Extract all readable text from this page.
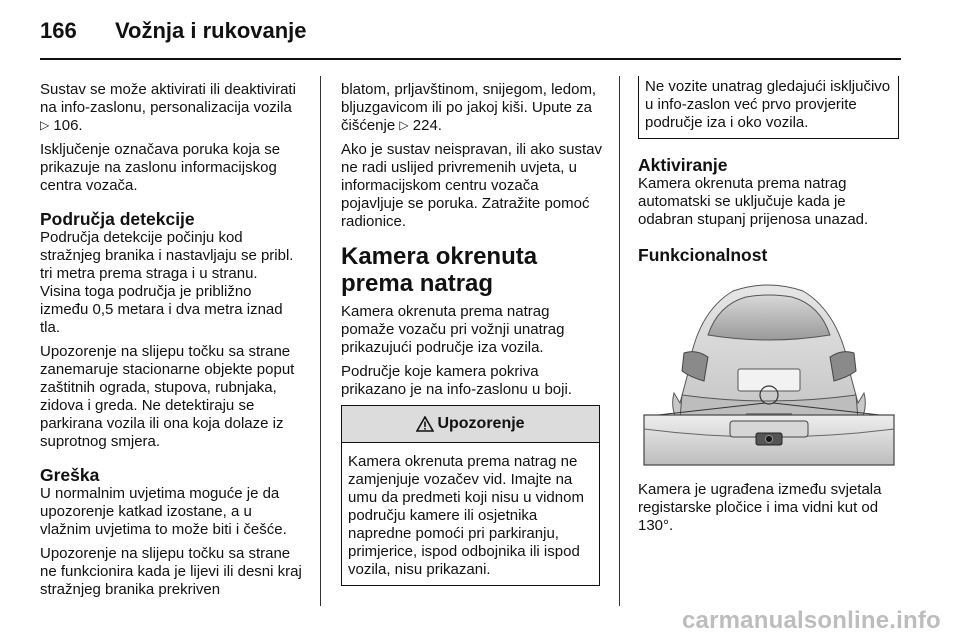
166 Vožnja i rukovanje

Sustav se može aktivirati ili deaktivirati na info-zaslonu, personalizacija vozila ▷ 106.

Isključenje označava poruka koja se prikazuje na zaslonu informacijskog centra vozača.

Područja detekcije

Područja detekcije počinju kod stražnjeg branika i nastavljaju se pribl. tri metra prema straga i u stranu. Visina toga područja je približno između 0,5 metara i dva metra iznad tla.

Upozorenje na slijepu točku sa strane zanemaruje stacionarne objekte poput zaštitnih ograda, stupova, rubnjaka, zidova i greda. Ne detektiraju se parkirana vozila ili ona koja dolaze iz suprotnog smjera.

Greška

U normalnim uvjetima moguće je da upozorenje katkad izostane, a u vlažnim uvjetima to može biti i češće.

Upozorenje na slijepu točku sa strane ne funkcionira kada je lijevi ili desni kraj stražnjeg branika prekriven

blatom, prljavštinom, snijegom, ledom, bljuzgavicom ili po jakoj kiši. Upute za čišćenje ▷ 224.

Ako je sustav neispravan, ili ako sustav ne radi uslijed privremenih uvjeta, u informacijskom centru vozača pojavljuje se poruka. Zatražite pomoć radionice.

Kamera okrenuta prema natrag

Kamera okrenuta prema natrag pomaže vozaču pri vožnji unatrag prikazujući područje iza vozila.

Područje koje kamera pokriva prikazano je na info-zaslonu u boji.

Upozorenje

Kamera okrenuta prema natrag ne zamjenjuje vozačev vid. Imajte na umu da predmeti koji nisu u vidnom području kamere ili osjetnika napredne pomoći pri parkiranju, primjerice, ispod odbojnika ili ispod vozila, nisu prikazani.

Ne vozite unatrag gledajući isključivo u info-zaslon već prvo provjerite područje iza i oko vozila.

Aktiviranje

Kamera okrenuta prema natrag automatski se uključuje kada je odabran stupanj prijenosa unazad.

Funkcionalnost

Kamera je ugrađena između svjetala registarske pločice i ima vidni kut od 130°.

carmanualsonline.info
